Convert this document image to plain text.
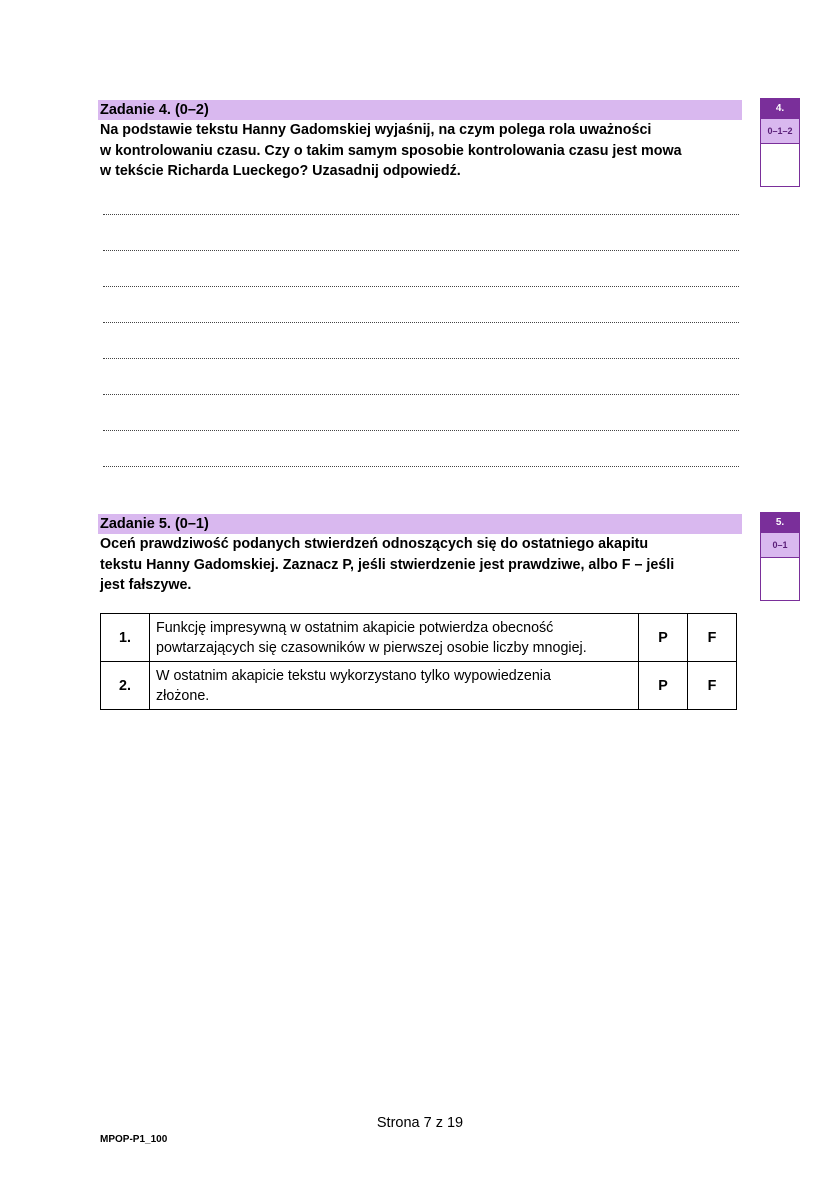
Zadanie 4. (0–2)
Na podstawie tekstu Hanny Gadomskiej wyjaśnij, na czym polega rola uważności
w kontrolowaniu czasu. Czy o takim samym sposobie kontrolowania czasu jest mowa
w tekście Richarda Lueckego? Uzasadnij odpowiedź.
4.
0–1–2
Zadanie 5. (0–1)
Oceń prawdziwość podanych stwierdzeń odnoszących się do ostatniego akapitu
tekstu Hanny Gadomskiej. Zaznacz P, jeśli stwierdzenie jest prawdziwe, albo F – jeśli
jest fałszywe.
5.
0–1
1.	Funkcję impresywną w ostatnim akapicie potwierdza obecność
powtarzających się czasowników w pierwszej osobie liczby mnogiej.	P	F
2.	W ostatnim akapicie tekstu wykorzystano tylko wypowiedzenia
złożone.	P	F
Strona 7 z 19
MPOP-P1_100
